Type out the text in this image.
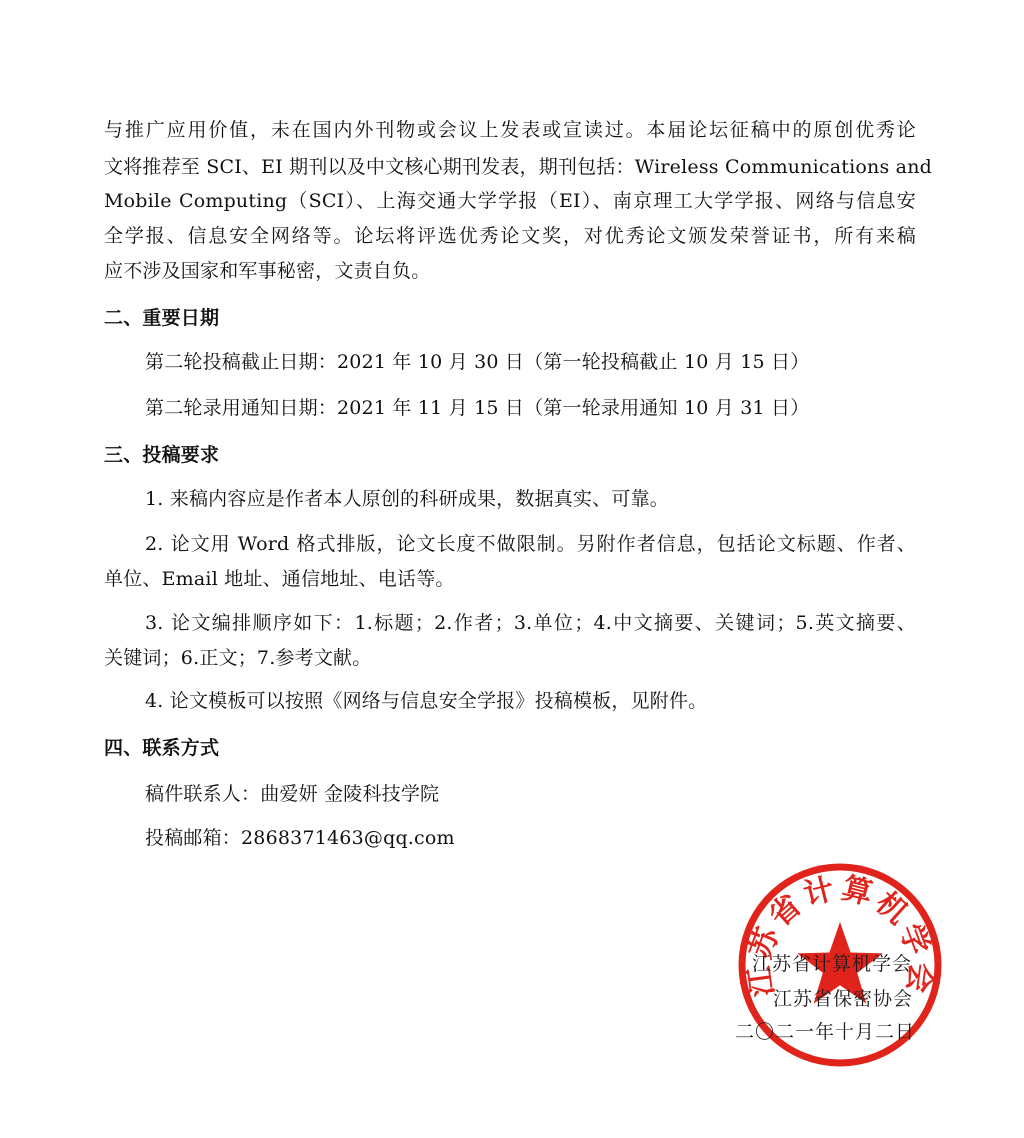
与推广应用价值，未在国内外刊物或会议上发表或宣读过。本届论坛征稿中的原创优秀论
文将推荐至 SCI、EI 期刊以及中文核心期刊发表，期刊包括：Wireless Communications and
Mobile Computing（SCI）、上海交通大学学报（EI）、南京理工大学学报、网络与信息安
全学报、信息安全网络等。论坛将评选优秀论文奖，对优秀论文颁发荣誉证书，所有来稿
应不涉及国家和军事秘密，文责自负。
二、重要日期
第二轮投稿截止日期：2021 年 10 月 30 日（第一轮投稿截止 10 月 15 日）
第二轮录用通知日期：2021 年 11 月 15 日（第一轮录用通知 10 月 31 日）
三、投稿要求
1. 来稿内容应是作者本人原创的科研成果，数据真实、可靠。
2. 论文用 Word 格式排版，论文长度不做限制。另附作者信息，包括论文标题、作者、
单位、Email 地址、通信地址、电话等。
3. 论文编排顺序如下：1.标题；2.作者；3.单位；4.中文摘要、关键词；5.英文摘要、
关键词；6.正文；7.参考文献。
4. 论文模板可以按照《网络与信息安全学报》投稿模板，见附件。
四、联系方式
稿件联系人：曲爱妍 金陵科技学院
投稿邮箱：2868371463@qq.com
江苏省计算机学会
江苏省计算机学会
江苏省保密协会
二〇二一年十月二日
